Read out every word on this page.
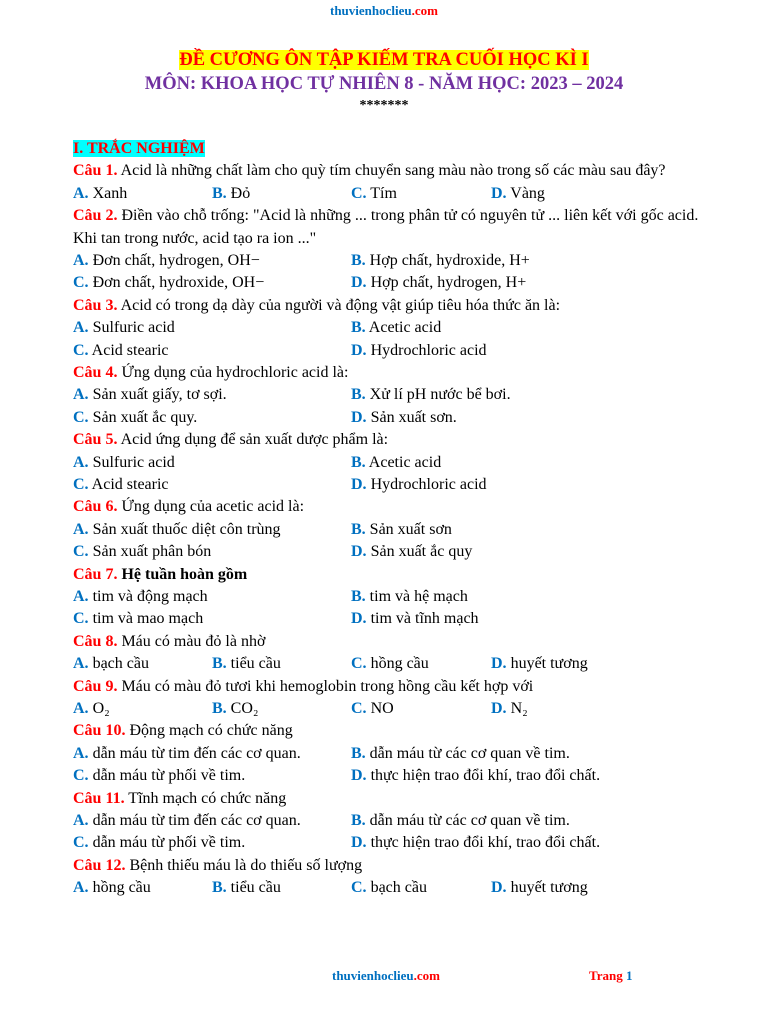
thuvienhoclieu.com
ĐỀ CƯƠNG ÔN TẬP KIẾM TRA CUỐI HỌC KÌ I
MÔN: KHOA HỌC TỰ NHIÊN 8 - NĂM HỌC: 2023 – 2024
*******
I. TRẮC NGHIỆM
Câu 1. Acid là những chất làm cho quỳ tím chuyển sang màu nào trong số các màu sau đây?
A. Xanh	B. Đỏ	C. Tím	D. Vàng
Câu 2. Điền vào chỗ trống: "Acid là những ... trong phân tử có nguyên tử ... liên kết với gốc acid. Khi tan trong nước, acid tạo ra ion ..."
A. Đơn chất, hydrogen, OH−	B. Hợp chất, hydroxide, H+
C. Đơn chất, hydroxide, OH−	D. Hợp chất, hydrogen, H+
Câu 3. Acid có trong dạ dày của người và động vật giúp tiêu hóa thức ăn là:
A. Sulfuric acid	B. Acetic acid
C. Acid stearic	D. Hydrochloric acid
Câu 4. Ứng dụng của hydrochloric acid là:
A. Sản xuất giấy, tơ sợi.	B. Xử lí pH nước bể bơi.
C. Sản xuất ắc quy.	D. Sản xuất sơn.
Câu 5. Acid ứng dụng để sản xuất dược phẩm là:
A. Sulfuric acid	B. Acetic acid
C. Acid stearic	D. Hydrochloric acid
Câu 6. Ứng dụng của acetic acid là:
A. Sản xuất thuốc diệt côn trùng	B. Sản xuất sơn
C. Sản xuất phân bón	D. Sản xuất ắc quy
Câu 7. Hệ tuần hoàn gồm
A. tim và động mạch	B. tim và hệ mạch
C. tim và mao mạch	D. tim và tĩnh mạch
Câu 8. Máu có màu đỏ là nhờ
A. bạch cầu	B. tiểu cầu	C. hồng cầu	D. huyết tương
Câu 9. Máu có màu đỏ tươi khi hemoglobin trong hồng cầu kết hợp với
A. O₂	B. CO₂	C. NO	D. N₂
Câu 10. Động mạch có chức năng
A. dẫn máu từ tim đến các cơ quan.	B. dẫn máu từ các cơ quan về tim.
C. dẫn máu từ phối về tim.	D. thực hiện trao đổi khí, trao đổi chất.
Câu 11. Tĩnh mạch có chức năng
A. dẫn máu từ tim đến các cơ quan.	B. dẫn máu từ các cơ quan về tim.
C. dẫn máu từ phối về tim.	D. thực hiện trao đổi khí, trao đổi chất.
Câu 12. Bệnh thiếu máu là do thiếu số lượng
A. hồng cầu	B. tiểu cầu	C. bạch cầu	D. huyết tương
thuvienhoclieu.com	Trang 1
